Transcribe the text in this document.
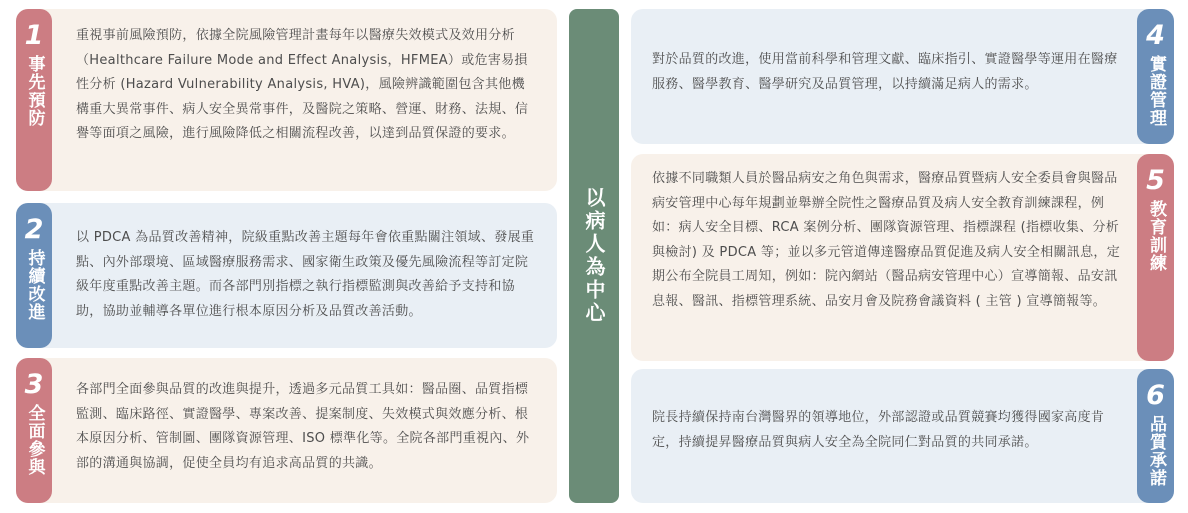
1
事先預防
重視事前風險預防，依據全院風險管理計畫每年以醫療失效模式及效用分析（Healthcare Failure Mode and Effect Analysis，HFMEA）或危害易損性分析 (Hazard Vulnerability Analysis, HVA)，風險辨識範圍包含其他機構重大異常事件、病人安全異常事件，及醫院之策略、營運、財務、法規、信譽等面項之風險，進行風險降低之相關流程改善，以達到品質保證的要求。
2
持續改進
以 PDCA 為品質改善精神，院級重點改善主題每年會依重點關注領域、發展重點、內外部環境、區域醫療服務需求、國家衛生政策及優先風險流程等訂定院級年度重點改善主題。而各部門別指標之執行指標監測與改善給予支持和協助，協助並輔導各單位進行根本原因分析及品質改善活動。
3
全面參與
各部門全面參與品質的改進與提升，透過多元品質工具如：醫品圈、品質指標監測、臨床路徑、實證醫學、專案改善、提案制度、失效模式與效應分析、根本原因分析、管制圖、團隊資源管理、ISO 標準化等。全院各部門重視內、外部的溝通與協調，促使全員均有追求高品質的共識。
以病人為中心
4
實證管理
對於品質的改進，使用當前科學和管理文獻、臨床指引、實證醫學等運用在醫療服務、醫學教育、醫學研究及品質管理，以持續滿足病人的需求。
5
教育訓練
依據不同職類人員於醫品病安之角色與需求，醫療品質暨病人安全委員會與醫品病安管理中心每年規劃並舉辦全院性之醫療品質及病人安全教育訓練課程，例如：病人安全目標、RCA 案例分析、團隊資源管理、指標課程 (指標收集、分析與檢討) 及 PDCA 等；並以多元管道傳達醫療品質促進及病人安全相關訊息，定期公布全院員工周知，例如：院內網站（醫品病安管理中心）宣導簡報、品安訊息報、醫訊、指標管理系統、品安月會及院務會議資料 ( 主管 ) 宣導簡報等。
6
品質承諾
院長持續保持南台灣醫界的領導地位，外部認證或品質競賽均獲得國家高度肯定，持續提昇醫療品質與病人安全為全院同仁對品質的共同承諾。
